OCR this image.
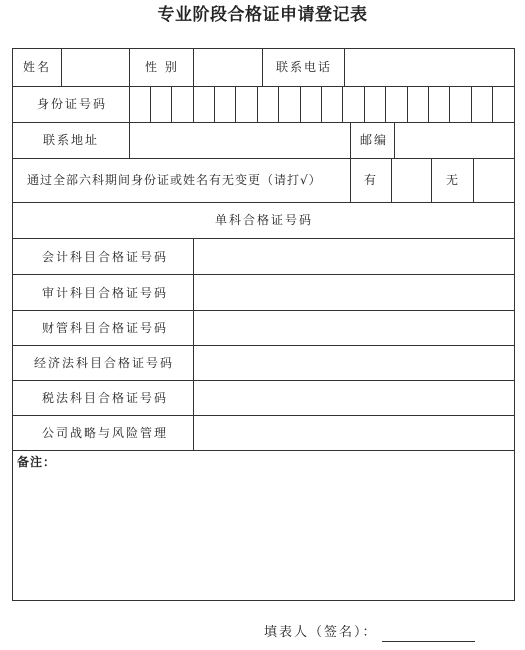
专业阶段合格证申请登记表
姓名	性 别	联系电话
身份证号码
联系地址	邮编
通过全部六科期间身份证或姓名有无变更（请打√）	有	无
单科合格证号码
会计科目合格证号码
审计科目合格证号码
财管科目合格证号码
经济法科目合格证号码
税法科目合格证号码
公司战略与风险管理
备注：
填表人（签名）：
